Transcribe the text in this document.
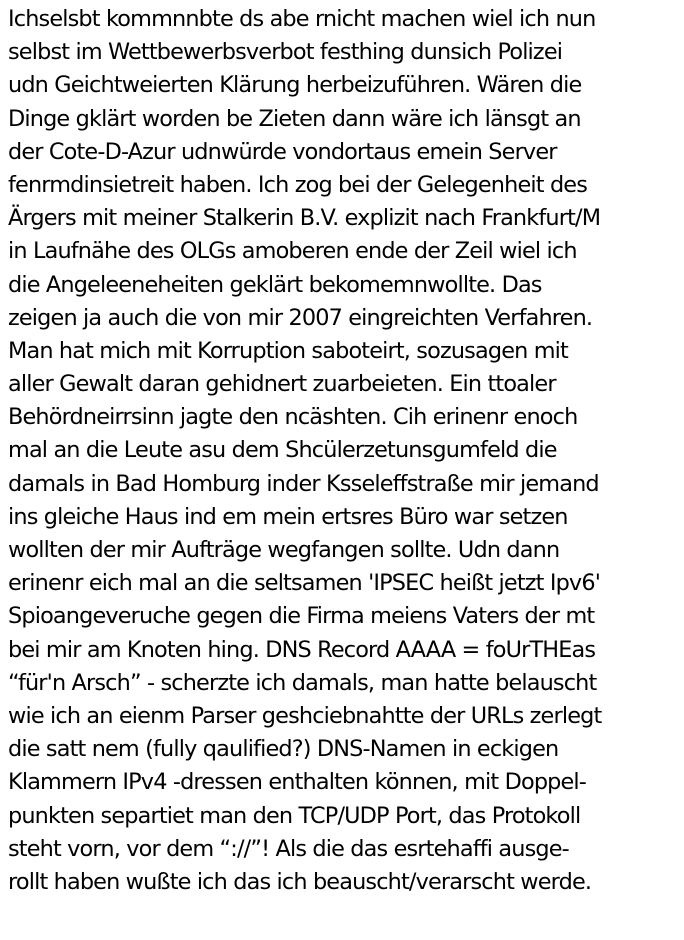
Ichselsbt kommnnbte ds abe rnicht machen wiel ich nun
selbst im Wettbewerbsverbot festhing dunsich Polizei
udn Geichtweierten Klärung herbeizuführen. Wären die
Dinge gklärt worden be Zieten dann wäre ich länsgt an
der Cote-D-Azur udnwürde vondortaus emein Server
fenrmdinsietreit haben. Ich zog bei der Gelegenheit des
Ärgers mit meiner Stalkerin B.V. explizit nach Frankfurt/M
in Laufnähe des OLGs amoberen ende der Zeil wiel ich
die Angeleeneheiten geklärt bekomemnwollte. Das
zeigen ja auch die von mir 2007 eingreichten Verfahren.
Man hat mich mit Korruption saboteirt, sozusagen mit
aller Gewalt daran gehidnert zuarbeieten. Ein ttoaler
Behördneirrsinn jagte den ncäshten. Cih erinenr enoch
mal an die Leute asu dem Shcülerzetunsgumfeld die
damals in Bad Homburg inder Ksseleffstraße mir jemand
ins gleiche Haus ind em mein ertsres Büro war setzen
wollten der mir Aufträge wegfangen sollte. Udn dann
erinenr eich mal an die seltsamen 'IPSEC heißt jetzt Ipv6'
Spioangeveruche gegen die Firma meiens Vaters der mt
bei mir am Knoten hing. DNS Record AAAA = foUrTHEas
“für'n Arsch” - scherzte ich damals, man hatte belauscht
wie ich an eienm Parser geshciebnahtte der URLs zerlegt
die satt nem (fully qaulified?) DNS-Namen in eckigen
Klammern IPv4 -dressen enthalten können, mit Doppel-
punkten separtiet man den TCP/UDP Port, das Protokoll
steht vorn, vor dem “://”! Als die das esrtehaffi ausge-
rollt haben wußte ich das ich beauscht/verarscht werde.
